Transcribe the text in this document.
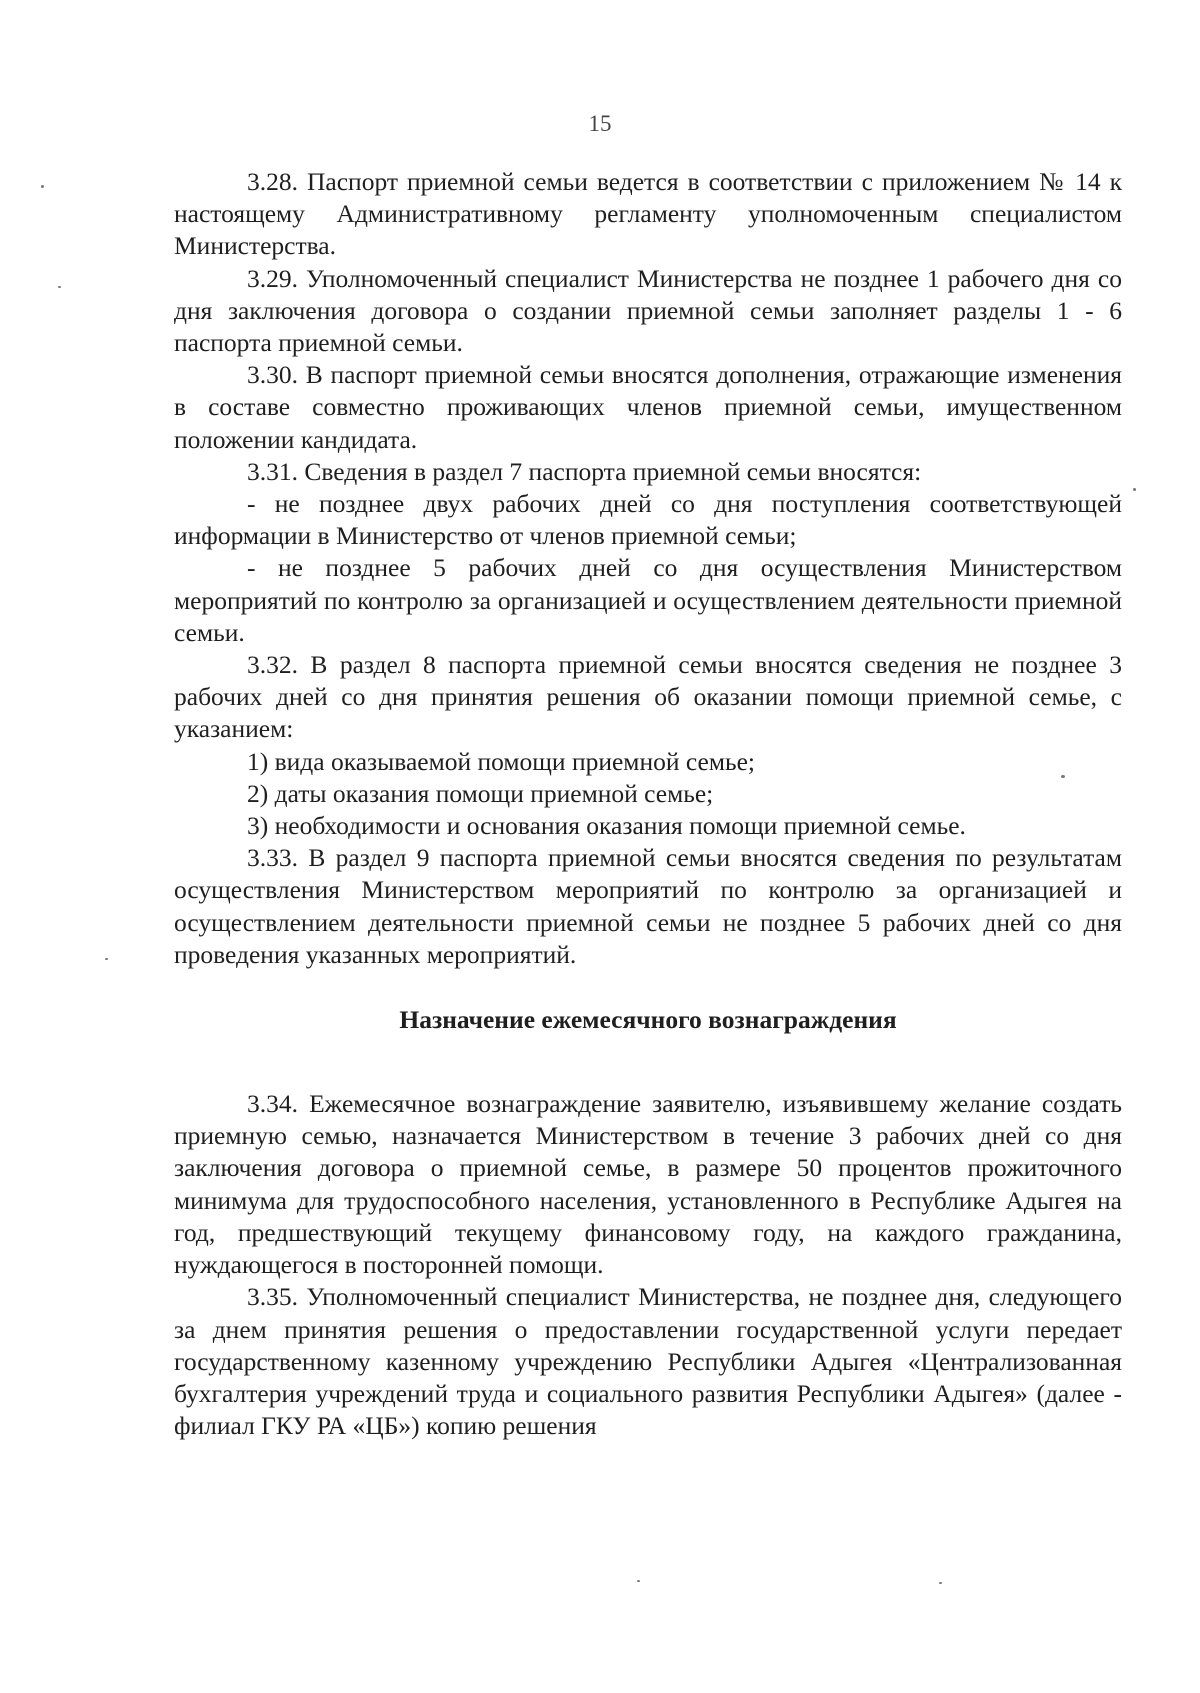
15

3.28. Паспорт приемной семьи ведется в соответствии с приложением № 14 к настоящему Административному регламенту уполномоченным специалистом Министерства.

3.29. Уполномоченный специалист Министерства не позднее 1 рабочего дня со дня заключения договора о создании приемной семьи заполняет разделы 1 - 6 паспорта приемной семьи.

3.30. В паспорт приемной семьи вносятся дополнения, отражающие изменения в составе совместно проживающих членов приемной семьи, имущественном положении кандидата.

3.31. Сведения в раздел 7 паспорта приемной семьи вносятся:

- не позднее двух рабочих дней со дня поступления соответствующей информации в Министерство от членов приемной семьи;

- не позднее 5 рабочих дней со дня осуществления Министерством мероприятий по контролю за организацией и осуществлением деятельности приемной семьи.

3.32. В раздел 8 паспорта приемной семьи вносятся сведения не позднее 3 рабочих дней со дня принятия решения об оказании помощи приемной семье, с указанием:

1) вида оказываемой помощи приемной семье;

2) даты оказания помощи приемной семье;

3) необходимости и основания оказания помощи приемной семье.

3.33. В раздел 9 паспорта приемной семьи вносятся сведения по результатам осуществления Министерством мероприятий по контролю за организацией и осуществлением деятельности приемной семьи не позднее 5 рабочих дней со дня проведения указанных мероприятий.

Назначение ежемесячного вознаграждения

3.34. Ежемесячное вознаграждение заявителю, изъявившему желание создать приемную семью, назначается Министерством в течение 3 рабочих дней со дня заключения договора о приемной семье, в размере 50 процентов прожиточного минимума для трудоспособного населения, установленного в Республике Адыгея на год, предшествующий текущему финансовому году, на каждого гражданина, нуждающегося в посторонней помощи.

3.35. Уполномоченный специалист Министерства, не позднее дня, следующего за днем принятия решения о предоставлении государственной услуги передает государственному казенному учреждению Республики Адыгея «Централизованная бухгалтерия учреждений труда и социального развития Республики Адыгея» (далее - филиал ГКУ РА «ЦБ») копию решения
